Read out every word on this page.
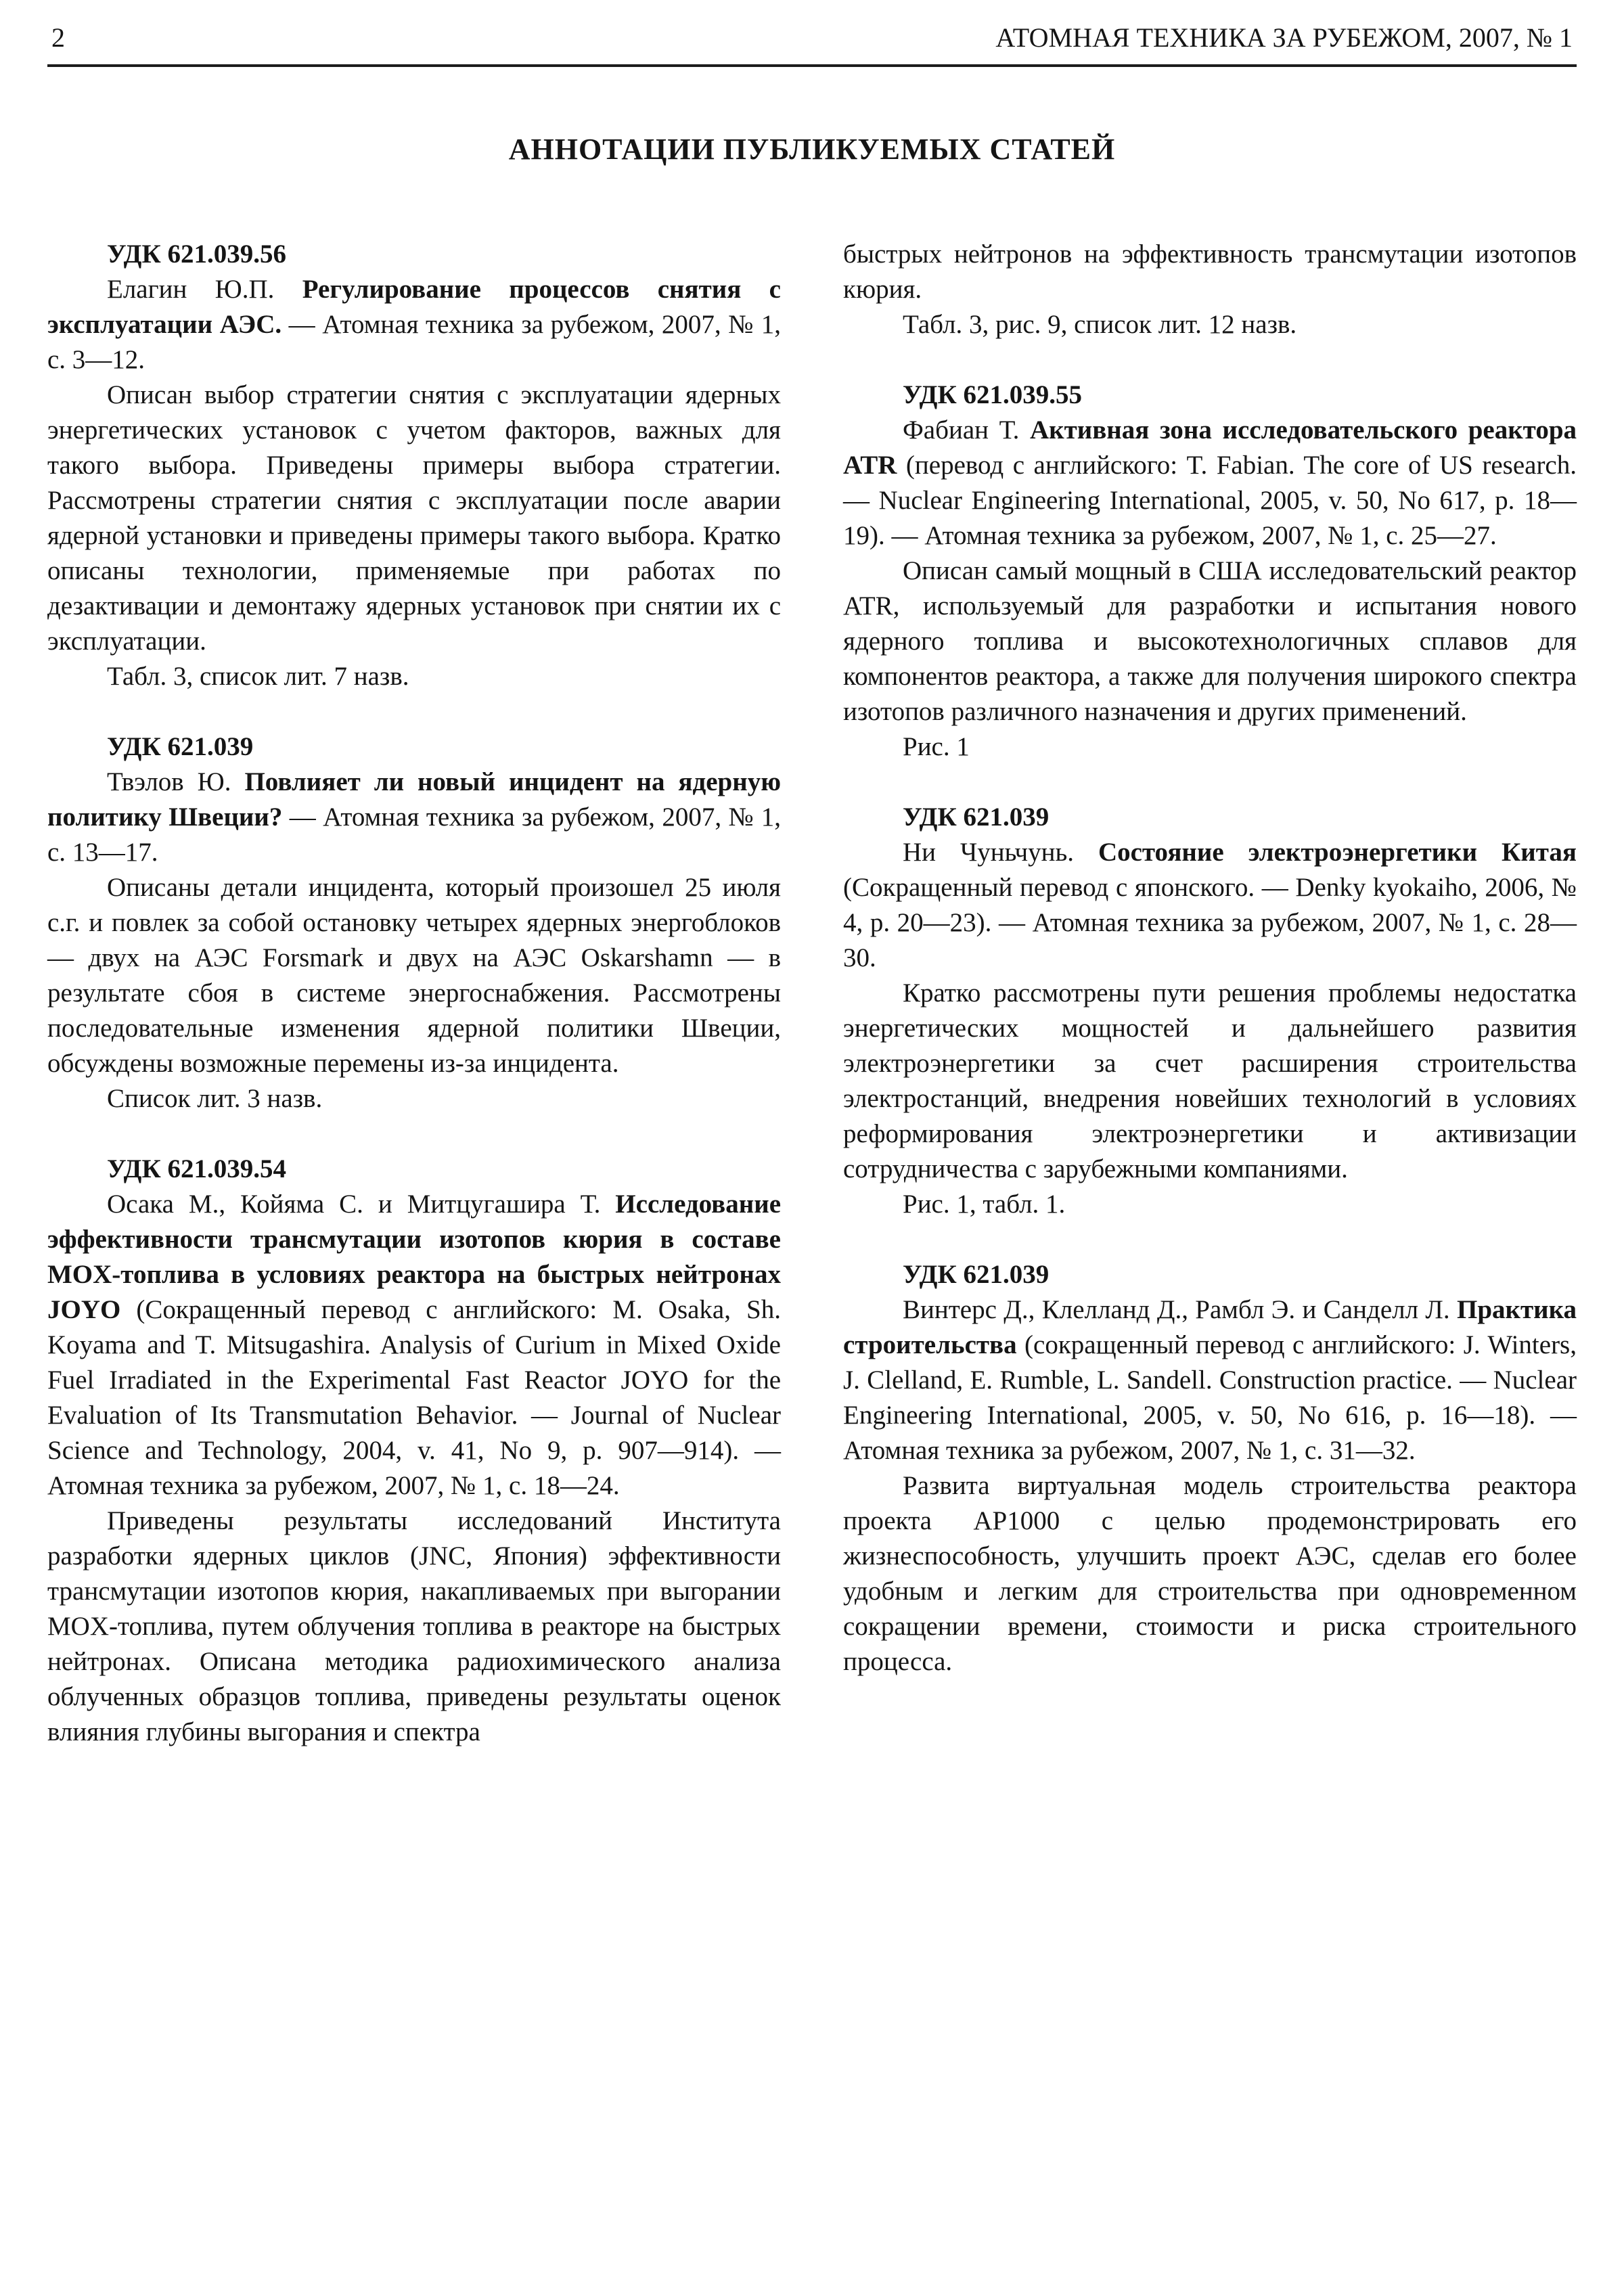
2	АТОМНАЯ ТЕХНИКА ЗА РУБЕЖОМ, 2007, № 1
АННОТАЦИИ ПУБЛИКУЕМЫХ СТАТЕЙ

УДК 621.039.56

Елагин Ю.П. Регулирование процессов снятия с эксплуатации АЭС. — Атомная техника за рубежом, 2007, № 1, с. 3—12.

Описан выбор стратегии снятия с эксплуатации ядерных энергетических установок с учетом факторов, важных для такого выбора. Приведены примеры выбора стратегии. Рассмотрены стратегии снятия с эксплуатации после аварии ядерной установки и приведены примеры такого выбора. Кратко описаны технологии, применяемые при работах по дезактивации и демонтажу ядерных установок при снятии их с эксплуатации.

Табл. 3, список лит. 7 назв.

УДК 621.039

Твэлов Ю. Повлияет ли новый инцидент на ядерную политику Швеции? — Атомная техника за рубежом, 2007, № 1, с. 13—17.

Описаны детали инцидента, который произошел 25 июля с.г. и повлек за собой остановку четырех ядерных энергоблоков — двух на АЭС Forsmark и двух на АЭС Oskarshamn — в результате сбоя в системе энергоснабжения. Рассмотрены последовательные изменения ядерной политики Швеции, обсуждены возможные перемены из-за инцидента.

Список лит. 3 назв.

УДК 621.039.54

Осака М., Койяма С. и Митцугашира Т. Исследование эффективности трансмутации изотопов кюрия в составе MOX-топлива в условиях реактора на быстрых нейтронах JOYO (Сокращенный перевод с английского: M. Osaka, Sh. Koyama and T. Mitsugashira. Analysis of Curium in Mixed Oxide Fuel Irradiated in the Experimental Fast Reactor JOYO for the Evaluation of Its Transmutation Behavior. — Journal of Nuclear Science and Technology, 2004, v. 41, No 9, p. 907—914). — Атомная техника за рубежом, 2007, № 1, с. 18—24.

Приведены результаты исследований Института разработки ядерных циклов (JNC, Япония) эффективности трансмутации изотопов кюрия, накапливаемых при выгорании MOX-топлива, путем облучения топлива в реакторе на быстрых нейтронах. Описана методика радиохимического анализа облученных образцов топлива, приведены результаты оценок влияния глубины выгорания и спектра

быстрых нейтронов на эффективность трансмутации изотопов кюрия.

Табл. 3, рис. 9, список лит. 12 назв.

УДК 621.039.55

Фабиан Т. Активная зона исследовательского реактора ATR (перевод с английского: T. Fabian. The core of US research. — Nuclear Engineering International, 2005, v. 50, No 617, p. 18—19). — Атомная техника за рубежом, 2007, № 1, с. 25—27.

Описан самый мощный в США исследовательский реактор ATR, используемый для разработки и испытания нового ядерного топлива и высокотехнологичных сплавов для компонентов реактора, а также для получения широкого спектра изотопов различного назначения и других применений.

Рис. 1

УДК 621.039

Ни Чуньчунь. Состояние электроэнергетики Китая (Сокращенный перевод с японского. — Denky kyokaiho, 2006, № 4, p. 20—23). — Атомная техника за рубежом, 2007, № 1, с. 28—30.

Кратко рассмотрены пути решения проблемы недостатка энергетических мощностей и дальнейшего развития электроэнергетики за счет расширения строительства электростанций, внедрения новейших технологий в условиях реформирования электроэнергетики и активизации сотрудничества с зарубежными компаниями.

Рис. 1, табл. 1.

УДК 621.039

Винтерс Д., Клелланд Д., Рамбл Э. и Санделл Л. Практика строительства (сокращенный перевод с английского: J. Winters, J. Clelland, E. Rumble, L. Sandell. Construction practice. — Nuclear Engineering International, 2005, v. 50, No 616, p. 16—18). — Атомная техника за рубежом, 2007, № 1, с. 31—32.

Развита виртуальная модель строительства реактора проекта AP1000 с целью продемонстрировать его жизнеспособность, улучшить проект АЭС, сделав его более удобным и легким для строительства при одновременном сокращении времени, стоимости и риска строительного процесса.
